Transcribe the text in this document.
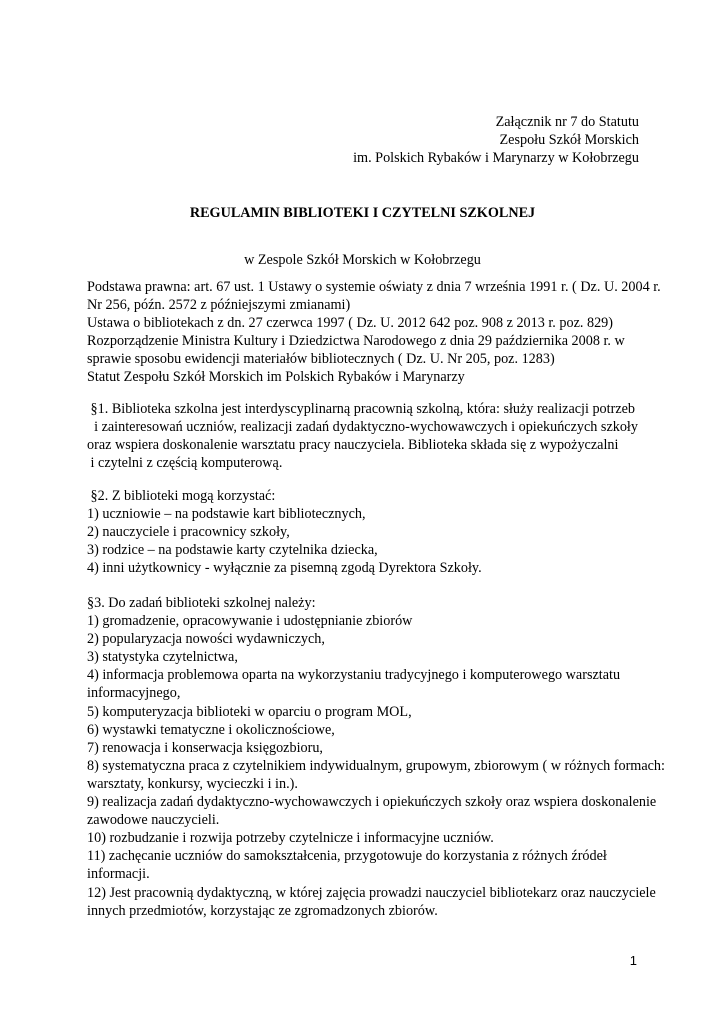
Załącznik nr 7 do Statutu
Zespołu Szkół Morskich
im. Polskich Rybaków i Marynarzy w Kołobrzegu
REGULAMIN BIBLIOTEKI I CZYTELNI SZKOLNEJ
w Zespole Szkół Morskich w Kołobrzegu
Podstawa prawna: art. 67 ust. 1 Ustawy o systemie oświaty z dnia 7 września 1991 r. ( Dz. U. 2004 r.
Nr 256, późn. 2572 z późniejszymi zmianami)
Ustawa o bibliotekach z dn. 27 czerwca 1997 ( Dz. U. 2012 642 poz. 908 z 2013 r. poz. 829)
Rozporządzenie Ministra Kultury i Dziedzictwa Narodowego z dnia 29 października 2008 r. w
sprawie sposobu ewidencji materiałów bibliotecznych ( Dz. U. Nr 205, poz. 1283)
Statut Zespołu Szkół Morskich im Polskich Rybaków i Marynarzy
§1. Biblioteka szkolna jest interdyscyplinarną pracownią szkolną, która: służy realizacji potrzeb
i zainteresowań uczniów, realizacji zadań dydaktyczno-wychowawczych i opiekuńczych szkoły
oraz wspiera doskonalenie warsztatu pracy nauczyciela. Biblioteka składa się z wypożyczalni
i czytelni z częścią komputerową.
§2. Z biblioteki mogą korzystać:
1) uczniowie – na podstawie kart bibliotecznych,
2) nauczyciele i pracownicy szkoły,
3) rodzice – na podstawie karty czytelnika dziecka,
4) inni użytkownicy - wyłącznie za pisemną zgodą Dyrektora Szkoły.
§3. Do zadań biblioteki szkolnej należy:
1) gromadzenie, opracowywanie i udostępnianie zbiorów
2) popularyzacja nowości wydawniczych,
3) statystyka czytelnictwa,
4) informacja problemowa oparta na wykorzystaniu tradycyjnego i komputerowego warsztatu
informacyjnego,
5) komputeryzacja biblioteki w oparciu o program MOL,
6) wystawki tematyczne i okolicznościowe,
7) renowacja i konserwacja księgozbioru,
8) systematyczna praca z czytelnikiem indywidualnym, grupowym, zbiorowym ( w różnych formach:
warsztaty, konkursy, wycieczki i in.).
9) realizacja zadań dydaktyczno-wychowawczych i opiekuńczych szkoły oraz wspiera doskonalenie
zawodowe nauczycieli.
10) rozbudzanie i rozwija potrzeby czytelnicze i informacyjne uczniów.
11) zachęcanie uczniów do samokształcenia, przygotowuje do korzystania z różnych źródeł
informacji.
12) Jest pracownią dydaktyczną, w której zajęcia prowadzi nauczyciel bibliotekarz oraz nauczyciele
innych przedmiotów, korzystając ze zgromadzonych zbiorów.
1
